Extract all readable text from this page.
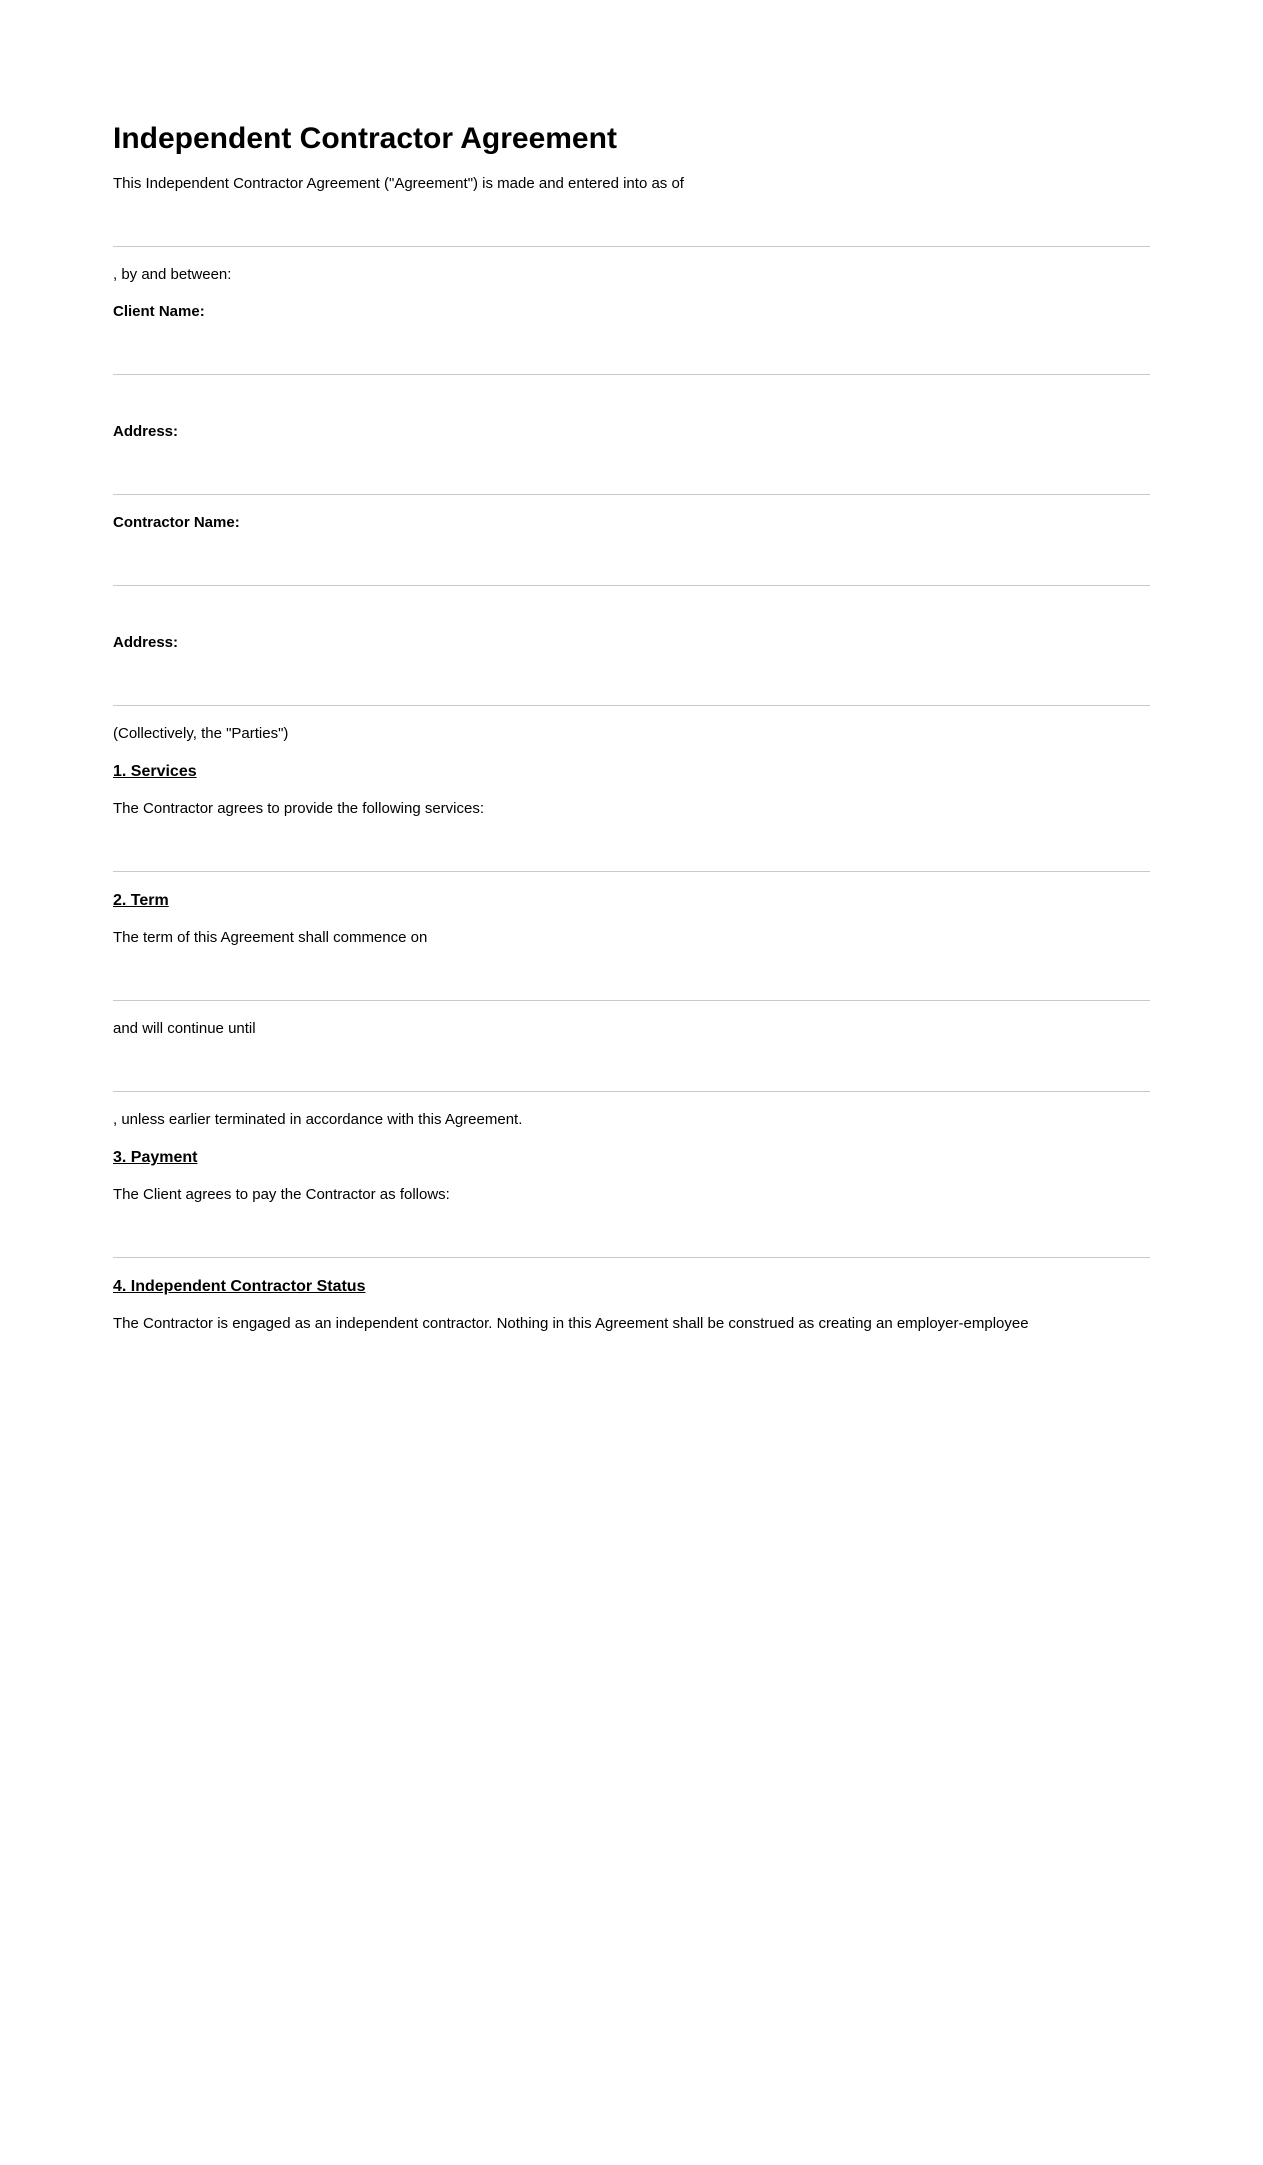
Independent Contractor Agreement

This Independent Contractor Agreement ("Agreement") is made and entered into as of

, by and between:

Client Name:

Address:

Contractor Name:

Address:

(Collectively, the "Parties")

1. Services

The Contractor agrees to provide the following services:

2. Term

The term of this Agreement shall commence on

and will continue until

, unless earlier terminated in accordance with this Agreement.

3. Payment

The Client agrees to pay the Contractor as follows:

4. Independent Contractor Status

The Contractor is engaged as an independent contractor. Nothing in this Agreement shall be construed as creating an employer-employee
